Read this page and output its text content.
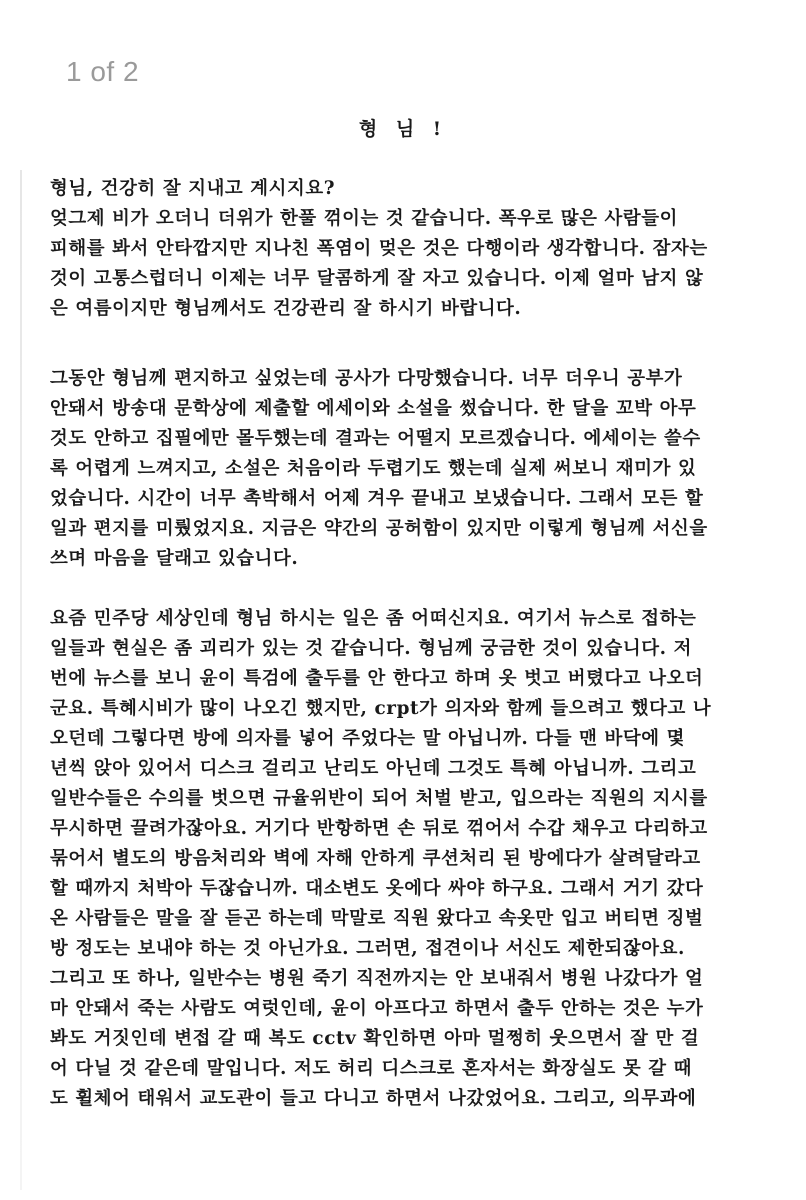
1 of 2
형 님 !

형님, 건강히 잘 지내고 계시지요?
엊그제 비가 오더니 더위가 한풀 꺾이는 것 같습니다. 폭우로 많은 사람들이
피해를 봐서 안타깝지만 지나친 폭염이 멎은 것은 다행이라 생각합니다. 잠자는
것이 고통스럽더니 이제는 너무 달콤하게 잘 자고 있습니다. 이제 얼마 남지 않
은 여름이지만 형님께서도 건강관리 잘 하시기 바랍니다.

그동안 형님께 편지하고 싶었는데 공사가 다망했습니다. 너무 더우니 공부가
안돼서 방송대 문학상에 제출할 에세이와 소설을 썼습니다. 한 달을 꼬박 아무
것도 안하고 집필에만 몰두했는데 결과는 어떨지 모르겠습니다. 에세이는 쓸수
록 어렵게 느껴지고, 소설은 처음이라 두렵기도 했는데 실제 써보니 재미가 있
었습니다. 시간이 너무 촉박해서 어제 겨우 끝내고 보냈습니다. 그래서 모든 할
일과 편지를 미뤘었지요. 지금은 약간의 공허함이 있지만 이렇게 형님께 서신을
쓰며 마음을 달래고 있습니다.

요즘 민주당 세상인데 형님 하시는 일은 좀 어떠신지요. 여기서 뉴스로 접하는
일들과 현실은 좀 괴리가 있는 것 같습니다. 형님께 궁금한 것이 있습니다. 저
번에 뉴스를 보니 윤이 특검에 출두를 안 한다고 하며 옷 벗고 버텼다고 나오더
군요. 특혜시비가 많이 나오긴 했지만, crpt가 의자와 함께 들으려고 했다고 나
오던데 그렇다면 방에 의자를 넣어 주었다는 말 아닙니까. 다들 맨 바닥에 몇
년씩 앉아 있어서 디스크 걸리고 난리도 아닌데 그것도 특혜 아닙니까. 그리고
일반수들은 수의를 벗으면 규율위반이 되어 처벌 받고, 입으라는 직원의 지시를
무시하면 끌려가잖아요. 거기다 반항하면 손 뒤로 꺾어서 수갑 채우고 다리하고
묶어서 별도의 방음처리와 벽에 자해 안하게 쿠션처리 된 방에다가 살려달라고
할 때까지 처박아 두잖습니까. 대소변도 옷에다 싸야 하구요. 그래서 거기 갔다
온 사람들은 말을 잘 듣곤 하는데 막말로 직원 왔다고 속옷만 입고 버티면 징벌
방 정도는 보내야 하는 것 아닌가요. 그러면, 접견이나 서신도 제한되잖아요.
그리고 또 하나, 일반수는 병원 죽기 직전까지는 안 보내줘서 병원 나갔다가 얼
마 안돼서 죽는 사람도 여럿인데, 윤이 아프다고 하면서 출두 안하는 것은 누가
봐도 거짓인데 변접 갈 때 복도 cctv 확인하면 아마 멀쩡히 웃으면서 잘 만 걸
어 다닐 것 같은데 말입니다. 저도 허리 디스크로 혼자서는 화장실도 못 갈 때
도 휠체어 태워서 교도관이 들고 다니고 하면서 나갔었어요. 그리고, 의무과에
